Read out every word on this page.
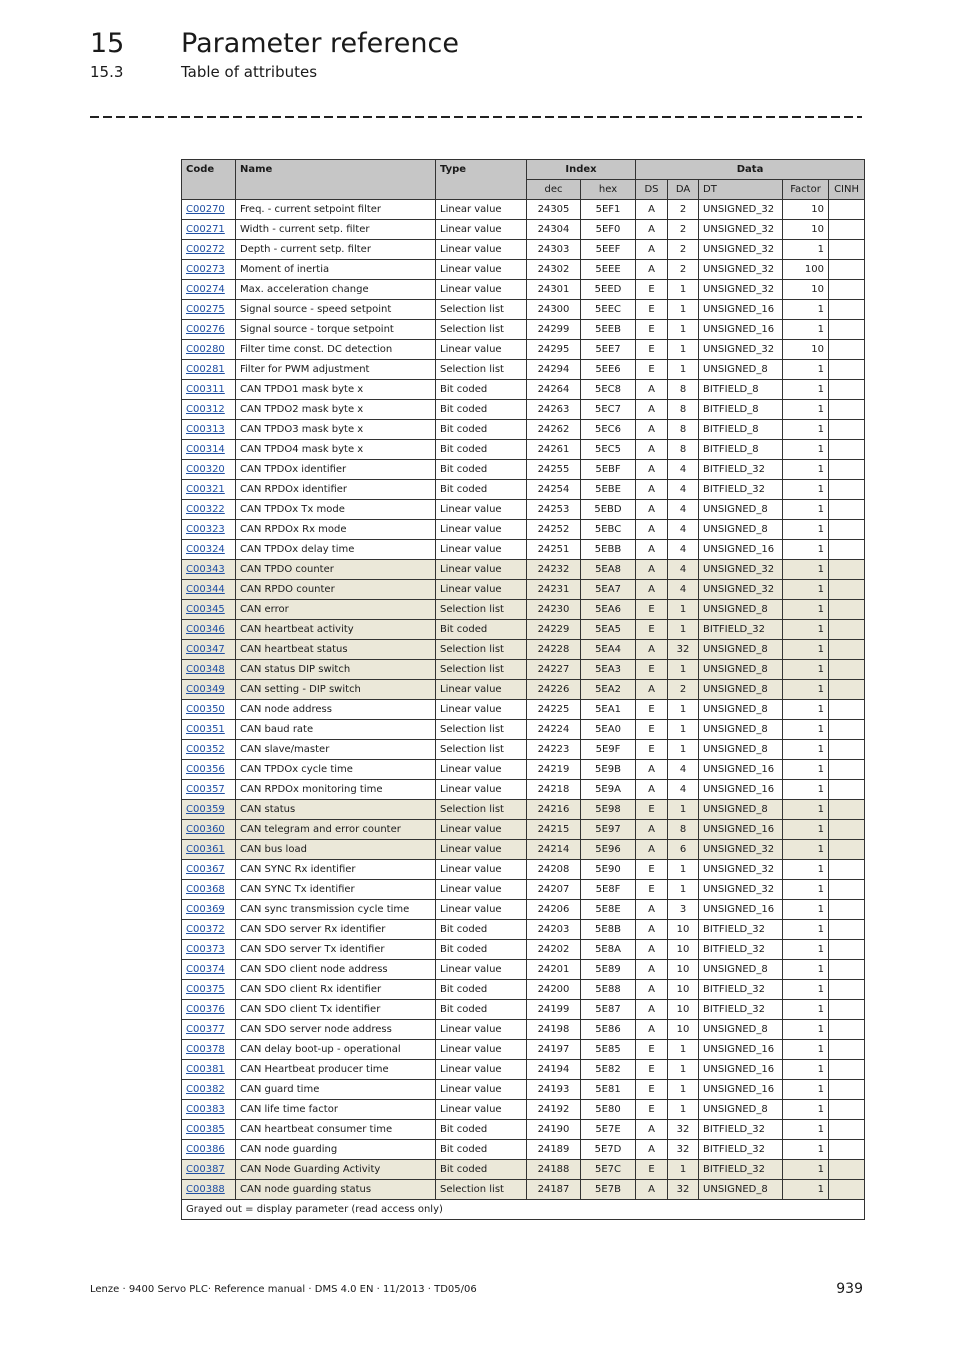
15 Parameter reference
15.3	Table of attributes
Code	Name	Type	Index		Data				
			dec	hex	DS	DA	DT	Factor	CINH
C00270	Freq. - current setpoint filter	Linear value	24305	5EF1	A	2	UNSIGNED_32	10	
C00271	Width - current setp. filter	Linear value	24304	5EF0	A	2	UNSIGNED_32	10	
C00272	Depth - current setp. filter	Linear value	24303	5EEF	A	2	UNSIGNED_32	1	
C00273	Moment of inertia	Linear value	24302	5EEE	A	2	UNSIGNED_32	100	
C00274	Max. acceleration change	Linear value	24301	5EED	E	1	UNSIGNED_32	10	
C00275	Signal source - speed setpoint	Selection list	24300	5EEC	E	1	UNSIGNED_16	1	
C00276	Signal source - torque setpoint	Selection list	24299	5EEB	E	1	UNSIGNED_16	1	
C00280	Filter time const. DC detection	Linear value	24295	5EE7	E	1	UNSIGNED_32	10	
C00281	Filter for PWM adjustment	Selection list	24294	5EE6	E	1	UNSIGNED_8	1	
C00311	CAN TPDO1 mask byte x	Bit coded	24264	5EC8	A	8	BITFIELD_8	1	
C00312	CAN TPDO2 mask byte x	Bit coded	24263	5EC7	A	8	BITFIELD_8	1	
C00313	CAN TPDO3 mask byte x	Bit coded	24262	5EC6	A	8	BITFIELD_8	1	
C00314	CAN TPDO4 mask byte x	Bit coded	24261	5EC5	A	8	BITFIELD_8	1	
C00320	CAN TPDOx identifier	Bit coded	24255	5EBF	A	4	BITFIELD_32	1	
C00321	CAN RPDOx identifier	Bit coded	24254	5EBE	A	4	BITFIELD_32	1	
C00322	CAN TPDOx Tx mode	Linear value	24253	5EBD	A	4	UNSIGNED_8	1	
C00323	CAN RPDOx Rx mode	Linear value	24252	5EBC	A	4	UNSIGNED_8	1	
C00324	CAN TPDOx delay time	Linear value	24251	5EBB	A	4	UNSIGNED_16	1	
C00343	CAN TPDO counter	Linear value	24232	5EA8	A	4	UNSIGNED_32	1	
C00344	CAN RPDO counter	Linear value	24231	5EA7	A	4	UNSIGNED_32	1	
C00345	CAN error	Selection list	24230	5EA6	E	1	UNSIGNED_8	1	
C00346	CAN heartbeat activity	Bit coded	24229	5EA5	E	1	BITFIELD_32	1	
C00347	CAN heartbeat status	Selection list	24228	5EA4	A	32	UNSIGNED_8	1	
C00348	CAN status DIP switch	Selection list	24227	5EA3	E	1	UNSIGNED_8	1	
C00349	CAN setting - DIP switch	Linear value	24226	5EA2	A	2	UNSIGNED_8	1	
C00350	CAN node address	Linear value	24225	5EA1	E	1	UNSIGNED_8	1	
C00351	CAN baud rate	Selection list	24224	5EA0	E	1	UNSIGNED_8	1	
C00352	CAN slave/master	Selection list	24223	5E9F	E	1	UNSIGNED_8	1	
C00356	CAN TPDOx cycle time	Linear value	24219	5E9B	A	4	UNSIGNED_16	1	
C00357	CAN RPDOx monitoring time	Linear value	24218	5E9A	A	4	UNSIGNED_16	1	
C00359	CAN status	Selection list	24216	5E98	E	1	UNSIGNED_8	1	
C00360	CAN telegram and error counter	Linear value	24215	5E97	A	8	UNSIGNED_16	1	
C00361	CAN bus load	Linear value	24214	5E96	A	6	UNSIGNED_32	1	
C00367	CAN SYNC Rx identifier	Linear value	24208	5E90	E	1	UNSIGNED_32	1	
C00368	CAN SYNC Tx identifier	Linear value	24207	5E8F	E	1	UNSIGNED_32	1	
C00369	CAN sync transmission cycle time	Linear value	24206	5E8E	A	3	UNSIGNED_16	1	
C00372	CAN SDO server Rx identifier	Bit coded	24203	5E8B	A	10	BITFIELD_32	1	
C00373	CAN SDO server Tx identifier	Bit coded	24202	5E8A	A	10	BITFIELD_32	1	
C00374	CAN SDO client node address	Linear value	24201	5E89	A	10	UNSIGNED_8	1	
C00375	CAN SDO client Rx identifier	Bit coded	24200	5E88	A	10	BITFIELD_32	1	
C00376	CAN SDO client Tx identifier	Bit coded	24199	5E87	A	10	BITFIELD_32	1	
C00377	CAN SDO server node address	Linear value	24198	5E86	A	10	UNSIGNED_8	1	
C00378	CAN delay boot-up - operational	Linear value	24197	5E85	E	1	UNSIGNED_16	1	
C00381	CAN Heartbeat producer time	Linear value	24194	5E82	E	1	UNSIGNED_16	1	
C00382	CAN guard time	Linear value	24193	5E81	E	1	UNSIGNED_16	1	
C00383	CAN life time factor	Linear value	24192	5E80	E	1	UNSIGNED_8	1	
C00385	CAN heartbeat consumer time	Bit coded	24190	5E7E	A	32	BITFIELD_32	1	
C00386	CAN node guarding	Bit coded	24189	5E7D	A	32	BITFIELD_32	1	
C00387	CAN Node Guarding Activity	Bit coded	24188	5E7C	E	1	BITFIELD_32	1	
C00388	CAN node guarding status	Selection list	24187	5E7B	A	32	UNSIGNED_8	1	
Grayed out = display parameter (read access only)									
Lenze · 9400 Servo PLC· Reference manual · DMS 4.0 EN · 11/2013 · TD05/06	939
